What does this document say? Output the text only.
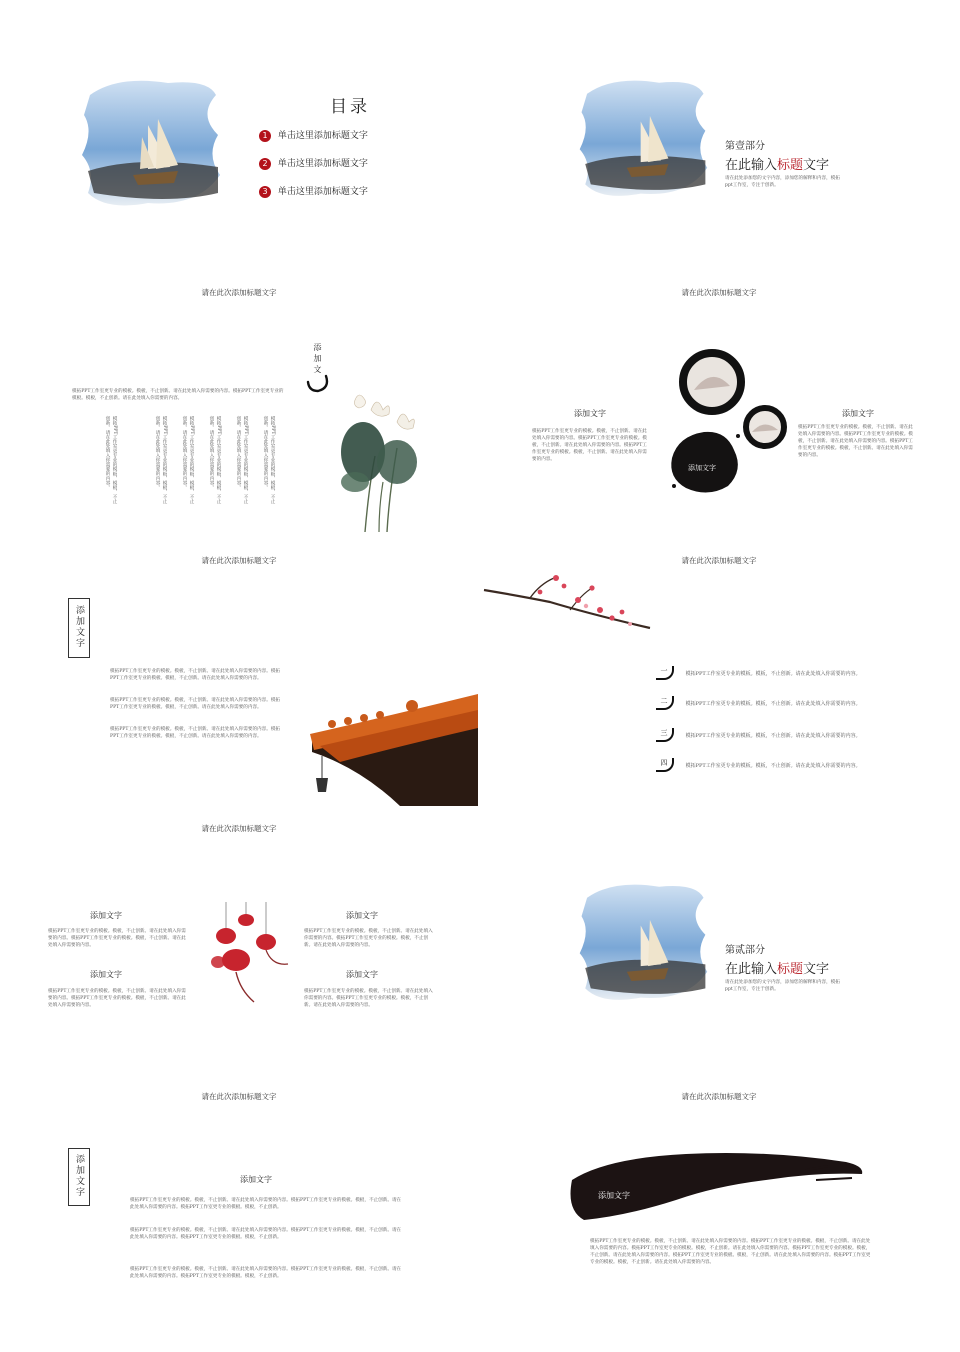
目录
1 单击这里添加标题文字
2 单击这里添加标题文字
3 单击这里添加标题文字
请在此次添加标题文字
第壹部分
在此输入标题文字
请在此处添加您的文字内容，添加您的解释和内容，模拓ppt工作室，专注于创新。
请在此次添加标题文字
添加文
模拓PPT工作室更专业的模板。模板，不止创新。请在此处填入你需要的内容。模拓PPT工作室更专业的模板。模板，不止创新。请在此处填入你需要的内容。
模拓PPT工作室更专业的模板，模板，不止创新。请在此处填入你需要的内容。
模拓PPT工作室更专业的模板，模板，不止创新。请在此处填入你需要的内容。
模拓PPT工作室更专业的模板，模板，不止创新。请在此处填入你需要的内容。
模拓PPT工作室更专业的模板，模板，不止创新。请在此处填入你需要的内容。
模拓PPT工作室更专业的模板，模板，不止创新。请在此处填入你需要的内容。
模拓PPT工作室更专业的模板，模板，不止创新。请在此处填入你需要的内容。
请在此次添加标题文字
添加文字
模拓PPT工作室更专业的模板。模板，不止创新。请在此处填入你需要的内容。模拓PPT工作室更专业的模板。模板，不止创新。请在此处填入你需要的内容。模拓PPT工作室更专业的模板。模板，不止创新。请在此处填入你需要的内容。
添加文字
模拓PPT工作室更专业的模板。模板，不止创新。请在此处填入你需要的内容。模拓PPT工作室更专业的模板。模板，不止创新。请在此处填入你需要的内容。模拓PPT工作室更专业的模板。模板，不止创新。请在此处填入你需要的内容。
添加文字
请在此次添加标题文字
添加文字
模拓PPT工作室更专业的模板。模板，不止创新。请在此处填入你需要的内容。模拓PPT工作室更专业的模板。模板，不止创新。请在此处填入你需要的内容。
模拓PPT工作室更专业的模板。模板，不止创新。请在此处填入你需要的内容。模拓PPT工作室更专业的模板。模板，不止创新。请在此处填入你需要的内容。
模拓PPT工作室更专业的模板。模板，不止创新。请在此处填入你需要的内容。模拓PPT工作室更专业的模板。模板，不止创新。请在此处填入你需要的内容。
请在此次添加标题文字
一	模拓PPT工作室更专业的模板。模板，不止创新。请在此处填入你需要的内容。
二	模拓PPT工作室更专业的模板。模板，不止创新。请在此处填入你需要的内容。
三	模拓PPT工作室更专业的模板。模板，不止创新。请在此处填入你需要的内容。
四	模拓PPT工作室更专业的模板。模板，不止创新。请在此处填入你需要的内容。
添加文字
模拓PPT工作室更专业的模板。模板，不止创新。请在此处填入你需要的内容。模拓PPT工作室更专业的模板。模板，不止创新。请在此处填入你需要的内容。
添加文字
模拓PPT工作室更专业的模板。模板，不止创新。请在此处填入你需要的内容。模拓PPT工作室更专业的模板。模板，不止创新。请在此处填入你需要的内容。
添加文字
模拓PPT工作室更专业的模板。模板，不止创新。请在此处填入你需要的内容。模拓PPT工作室更专业的模板。模板，不止创新。请在此处填入你需要的内容。
添加文字
模拓PPT工作室更专业的模板。模板，不止创新。请在此处填入你需要的内容。模拓PPT工作室更专业的模板。模板，不止创新。请在此处填入你需要的内容。
请在此次添加标题文字
第贰部分
在此输入标题文字
请在此处添加您的文字内容，添加您的解释和内容，模拓ppt工作室，专注于创新。
请在此次添加标题文字
添加文字	添加文字
模拓PPT工作室更专业的模板。模板，不止创新。请在此处填入你需要的内容。模拓PPT工作室更专业的模板。模板，不止创新。请在此处填入你需要的内容。模拓PPT工作室更专业的模板。模板，不止创新。
模拓PPT工作室更专业的模板。模板，不止创新。请在此处填入你需要的内容。模拓PPT工作室更专业的模板。模板，不止创新。请在此处填入你需要的内容。模拓PPT工作室更专业的模板。模板，不止创新。
模拓PPT工作室更专业的模板。模板，不止创新。请在此处填入你需要的内容。模拓PPT工作室更专业的模板。模板，不止创新。请在此处填入你需要的内容。模拓PPT工作室更专业的模板。模板，不止创新。
添加文字
模拓PPT工作室更专业的模板。模板，不止创新。请在此处填入你需要的内容。模拓PPT工作室更专业的模板。模板，不止创新。请在此处填入你需要的内容。模拓PPT工作室更专业的模板。模板，不止创新。请在此处填入你需要的内容。模拓PPT工作室更专业的模板。模板，不止创新。请在此处填入你需要的内容。模拓PPT工作室更专业的模板。模板，不止创新。请在此处填入你需要的内容。模拓PPT工作室更专业的模板。模板，不止创新。请在此处填入你需要的内容。
